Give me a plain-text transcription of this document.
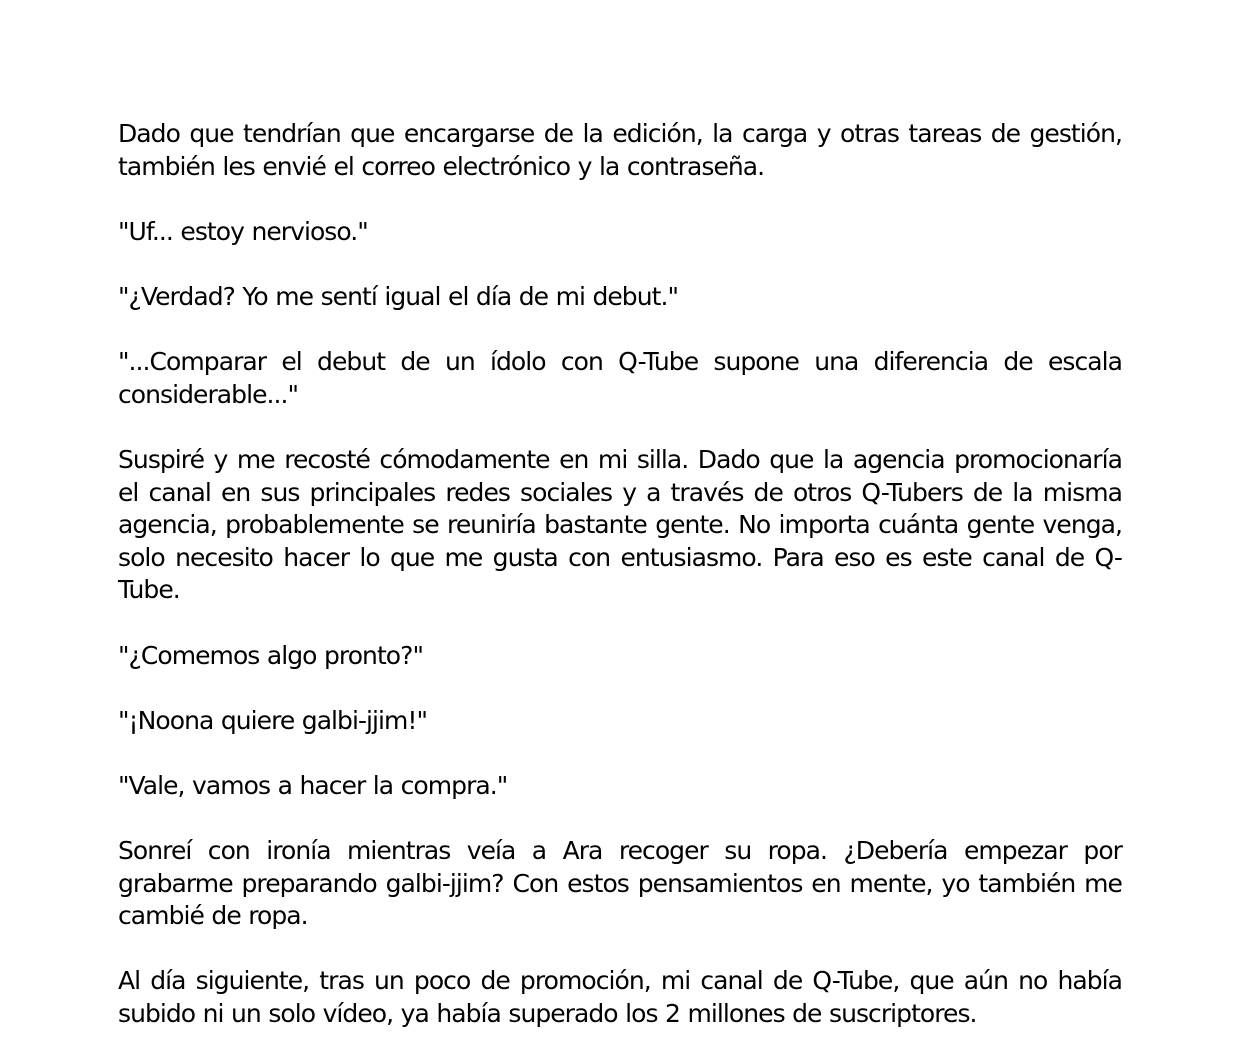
Dado que tendrían que encargarse de la edición, la carga y otras tareas de gestión, también les envié el correo electrónico y la contraseña.

"Uf... estoy nervioso."

"¿Verdad? Yo me sentí igual el día de mi debut."

"...Comparar el debut de un ídolo con Q-Tube supone una diferencia de escala considerable..."

Suspiré y me recosté cómodamente en mi silla. Dado que la agencia promocionaría el canal en sus principales redes sociales y a través de otros Q-Tubers de la misma agencia, probablemente se reuniría bastante gente. No importa cuánta gente venga, solo necesito hacer lo que me gusta con entusiasmo. Para eso es este canal de Q-Tube.

"¿Comemos algo pronto?"

"¡Noona quiere galbi-jjim!"

"Vale, vamos a hacer la compra."

Sonreí con ironía mientras veía a Ara recoger su ropa. ¿Debería empezar por grabarme preparando galbi-jjim? Con estos pensamientos en mente, yo también me cambié de ropa.

Al día siguiente, tras un poco de promoción, mi canal de Q-Tube, que aún no había subido ni un solo vídeo, ya había superado los 2 millones de suscriptores.
